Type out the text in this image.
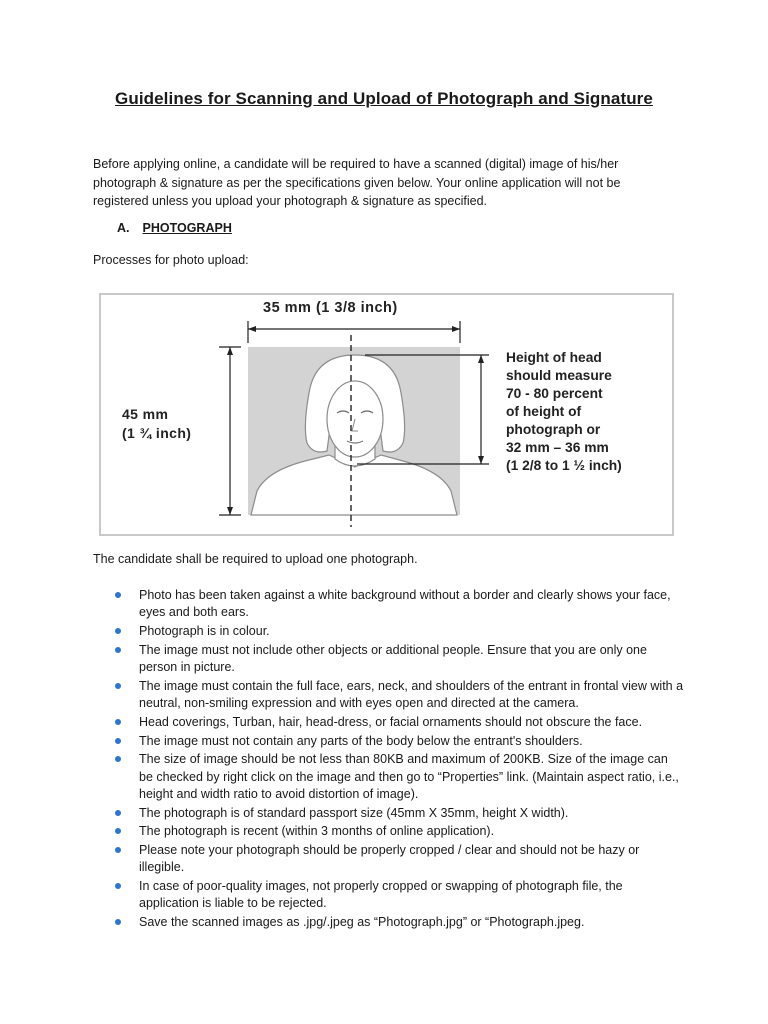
Guidelines for Scanning and Upload of Photograph and Signature
Before applying online, a candidate will be required to have a scanned (digital) image of his/her photograph & signature as per the specifications given below. Your online application will not be registered unless you upload your photograph & signature as specified.
A. PHOTOGRAPH
Processes for photo upload:
35 mm (1 3/8 inch)
45 mm
(1 ¾ inch)
Height of head
should measure
70 - 80 percent
of height of
photograph or
32 mm – 36 mm
(1 2/8 to 1 ½ inch)
The candidate shall be required to upload one photograph.
Photo has been taken against a white background without a border and clearly shows your face, eyes and both ears.
Photograph is in colour.
The image must not include other objects or additional people. Ensure that you are only one person in picture.
The image must contain the full face, ears, neck, and shoulders of the entrant in frontal view with a neutral, non-smiling expression and with eyes open and directed at the camera.
Head coverings, Turban, hair, head-dress, or facial ornaments should not obscure the face.
The image must not contain any parts of the body below the entrant's shoulders.
The size of image should be not less than 80KB and maximum of 200KB. Size of the image can be checked by right click on the image and then go to “Properties” link. (Maintain aspect ratio, i.e., height and width ratio to avoid distortion of image).
The photograph is of standard passport size (45mm X 35mm, height X width).
The photograph is recent (within 3 months of online application).
Please note your photograph should be properly cropped / clear and should not be hazy or illegible.
In case of poor-quality images, not properly cropped or swapping of photograph file, the application is liable to be rejected.
Save the scanned images as .jpg/.jpeg as “Photograph.jpg” or “Photograph.jpeg.
